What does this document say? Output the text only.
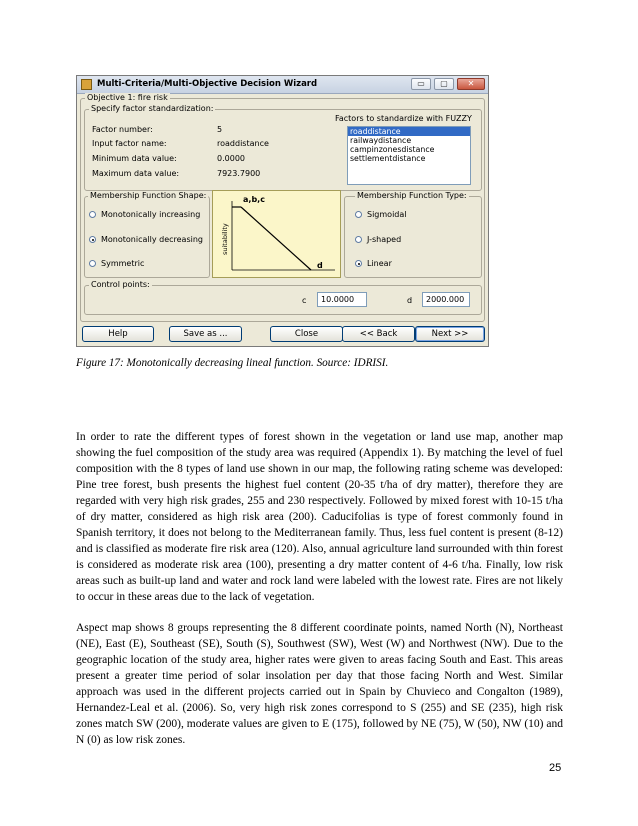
Multi-Criteria/Multi-Objective Decision Wizard	▭	▢	✕
Objective 1: fire risk
Specify factor standardization:
Factor number:	5
Input factor name:	roaddistance
Minimum data value:	0.0000
Maximum data value:	7923.7900
Factors to standardize with FUZZY
roaddistance
railwaydistance
campinzonesdistance
settlementdistance
Membership Function Shape:
Monotonically increasing
Monotonically decreasing
Symmetric
a,b,c
d
suitability
Membership Function Type:
Sigmoidal
J-shaped
Linear
Control points:
c	10.0000	d	2000.000
Help	Save as ...	Close	<< Back	Next >>
Figure 17: Monotonically decreasing lineal function. Source: IDRISI.

In order to rate the different types of forest shown in the vegetation or land use map, another map showing the fuel composition of the study area was required (Appendix 1). By matching the level of fuel composition with the 8 types of land use shown in our map, the following rating scheme was developed: Pine tree forest, bush presents the highest fuel content (20-35 t/ha of dry matter), therefore they are regarded with very high risk grades, 255 and 230 respectively. Followed by mixed forest with 10-15 t/ha of dry matter, considered as high risk area (200). Caducifolias is type of forest commonly found in Spanish territory, it does not belong to the Mediterranean family. Thus, less fuel content is present (8-12) and is classified as moderate fire risk area (120). Also, annual agriculture land surrounded with thin forest is considered as moderate risk area (100), presenting a dry matter content of 4-6 t/ha. Finally, low risk areas such as built-up land and water and rock land were labeled with the lowest rate. Fires are not likely to occur in these areas due to the lack of vegetation.

Aspect map shows 8 groups representing the 8 different coordinate points, named North (N), Northeast (NE), East (E), Southeast (SE), South (S), Southwest (SW), West (W) and Northwest (NW). Due to the geographic location of the study area, higher rates were given to areas facing South and East. This areas present a greater time period of solar insolation per day that those facing North and West. Similar approach was used in the different projects carried out in Spain by Chuvieco and Congalton (1989), Hernandez-Leal et al. (2006). So, very high risk zones correspond to S (255) and SE (235), high risk zones match SW (200), moderate values are given to E (175), followed by NE (75), W (50), NW (10) and N (0) as low risk zones.

25
